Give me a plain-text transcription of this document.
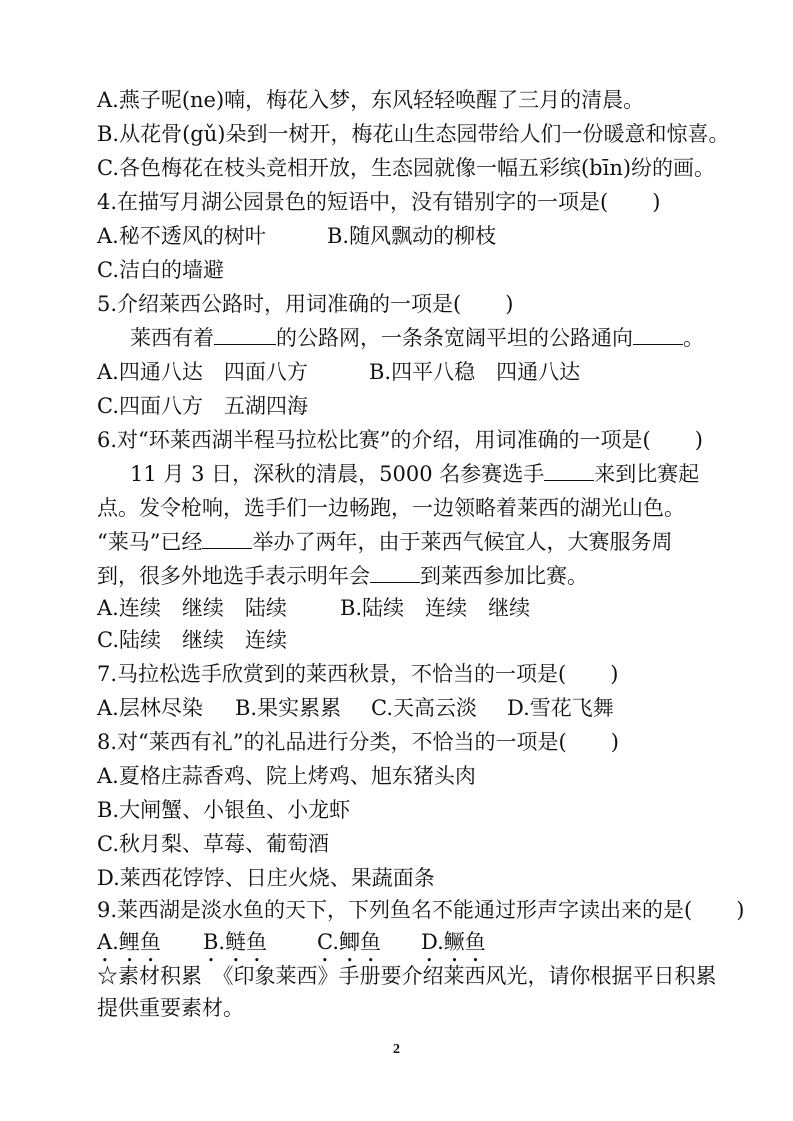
A.燕子呢(ne)喃，梅花入梦，东风轻轻唤醒了三月的清晨。
B.从花骨(gǔ)朵到一树开，梅花山生态园带给人们一份暖意和惊喜。
C.各色梅花在枝头竞相开放，生态园就像一幅五彩缤(bīn)纷的画。
4.在描写月湖公园景色的短语中，没有错别字的一项是( )
A.秘不透风的树叶	B.随风飘动的柳枝
C.洁白的墙避
5.介绍莱西公路时，用词准确的一项是( )
莱西有着	的公路网，一条条宽阔平坦的公路通向 。
A.四通八达　四面八方	B.四平八稳　四通八达
C.四面八方　五湖四海
6.对“环莱西湖半程马拉松比赛”的介绍，用词准确的一项是( )
11 月 3 日，深秋的清晨，5000 名参赛选手 来到比赛起
点。发令枪响，选手们一边畅跑，一边领略着莱西的湖光山色。
“莱马”已经 举办了两年，由于莱西气候宜人，大赛服务周
到，很多外地选手表示明年会 到莱西参加比赛。
A.连续　继续　陆续	B.陆续　连续　继续
C.陆续　继续　连续
7.马拉松选手欣赏到的莱西秋景，不恰当的一项是( )
A.层林尽染 B.果实累累 C.天高云淡 D.雪花飞舞
8.对“莱西有礼”的礼品进行分类，不恰当的一项是( )
A.夏格庄蒜香鸡、院上烤鸡、旭东猪头肉
B.大闸蟹、小银鱼、小龙虾
C.秋月梨、草莓、葡萄酒
D.莱西花饽饽、日庄火烧、果蔬面条
9.莱西湖是淡水鱼的天下，下列鱼名不能通过形声字读出来的是( )
A.鲤鱼 B.鲢鱼 C.鲫鱼 D.鳜鱼
☆素材积累　《印象莱西》手册要介绍莱西风光，请你根据平日积累
提供重要素材。
2
